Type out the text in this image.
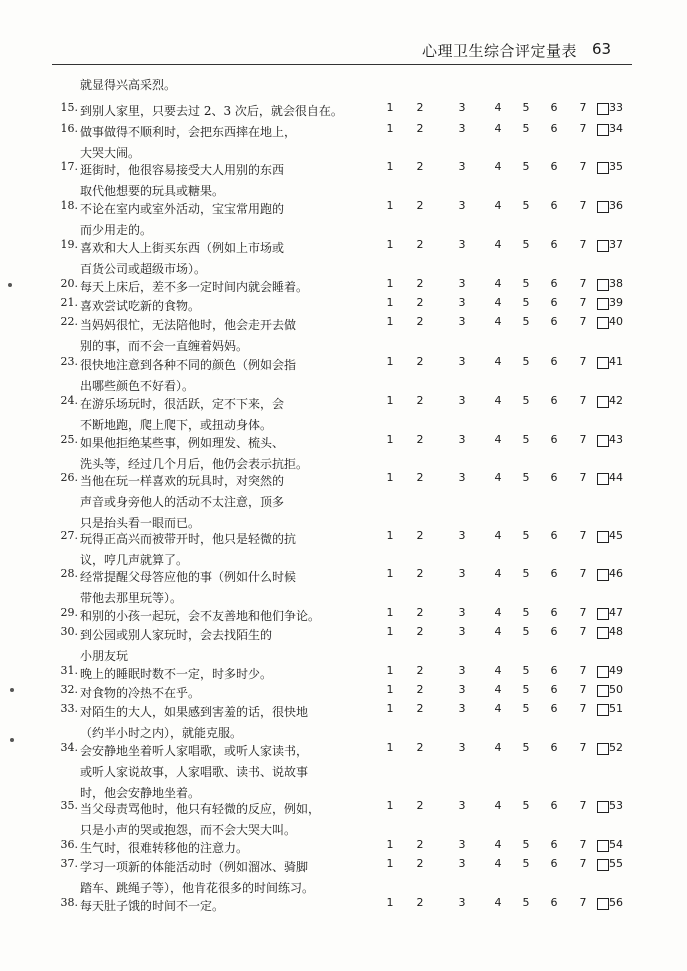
心理卫生综合评定量表 63
就显得兴高采烈。
15. 到别人家里，只要去过 2、3 次后，就会很自在。	1	2	3	4	5	6	7	33
16. 做事做得不顺利时，会把东西摔在地上，
大哭大闹。
1	2	3	4	5	6	7	34
17. 逛街时，他很容易接受大人用别的东西
取代他想要的玩具或糖果。
1	2	3	4	5	6	7	35
18. 不论在室内或室外活动，宝宝常用跑的
而少用走的。
1	2	3	4	5	6	7	36
19. 喜欢和大人上街买东西（例如上市场或
百货公司或超级市场）。
1	2	3	4	5	6	7	37
20. 每天上床后，差不多一定时间内就会睡着。	1	2	3	4	5	6	7	38
21. 喜欢尝试吃新的食物。	1	2	3	4	5	6	7	39
22. 当妈妈很忙，无法陪他时，他会走开去做
别的事，而不会一直缠着妈妈。
1	2	3	4	5	6	7	40
23. 很快地注意到各种不同的颜色（例如会指
出哪些颜色不好看）。
1	2	3	4	5	6	7	41
24. 在游乐场玩时，很活跃，定不下来，会
不断地跑，爬上爬下，或扭动身体。
1	2	3	4	5	6	7	42
25. 如果他拒绝某些事，例如理发、梳头、
洗头等，经过几个月后，他仍会表示抗拒。
1	2	3	4	5	6	7	43
26. 当他在玩一样喜欢的玩具时，对突然的
声音或身旁他人的活动不太注意，顶多
只是抬头看一眼而已。
1	2	3	4	5	6	7	44
27. 玩得正高兴而被带开时，他只是轻微的抗
议，哼几声就算了。
1	2	3	4	5	6	7	45
28. 经常提醒父母答应他的事（例如什么时候
带他去那里玩等）。
1	2	3	4	5	6	7	46
29. 和别的小孩一起玩，会不友善地和他们争论。	1	2	3	4	5	6	7	47
30. 到公园或别人家玩时，会去找陌生的
小朋友玩
1	2	3	4	5	6	7	48
31. 晚上的睡眠时数不一定，时多时少。	1	2	3	4	5	6	7	49
32. 对食物的冷热不在乎。	1	2	3	4	5	6	7	50
33. 对陌生的大人，如果感到害羞的话，很快地
（约半小时之内），就能克服。
1	2	3	4	5	6	7	51
34. 会安静地坐着听人家唱歌，或听人家读书，
或听人家说故事，人家唱歌、读书、说故事
时，他会安静地坐着。
1	2	3	4	5	6	7	52
35. 当父母责骂他时，他只有轻微的反应，例如，
只是小声的哭或抱怨，而不会大哭大叫。
1	2	3	4	5	6	7	53
36. 生气时，很难转移他的注意力。	1	2	3	4	5	6	7	54
37. 学习一项新的体能活动时（例如溜冰、骑脚
踏车、跳绳子等），他肯花很多的时间练习。
1	2	3	4	5	6	7	55
38. 每天肚子饿的时间不一定。	1	2	3	4	5	6	7	56
